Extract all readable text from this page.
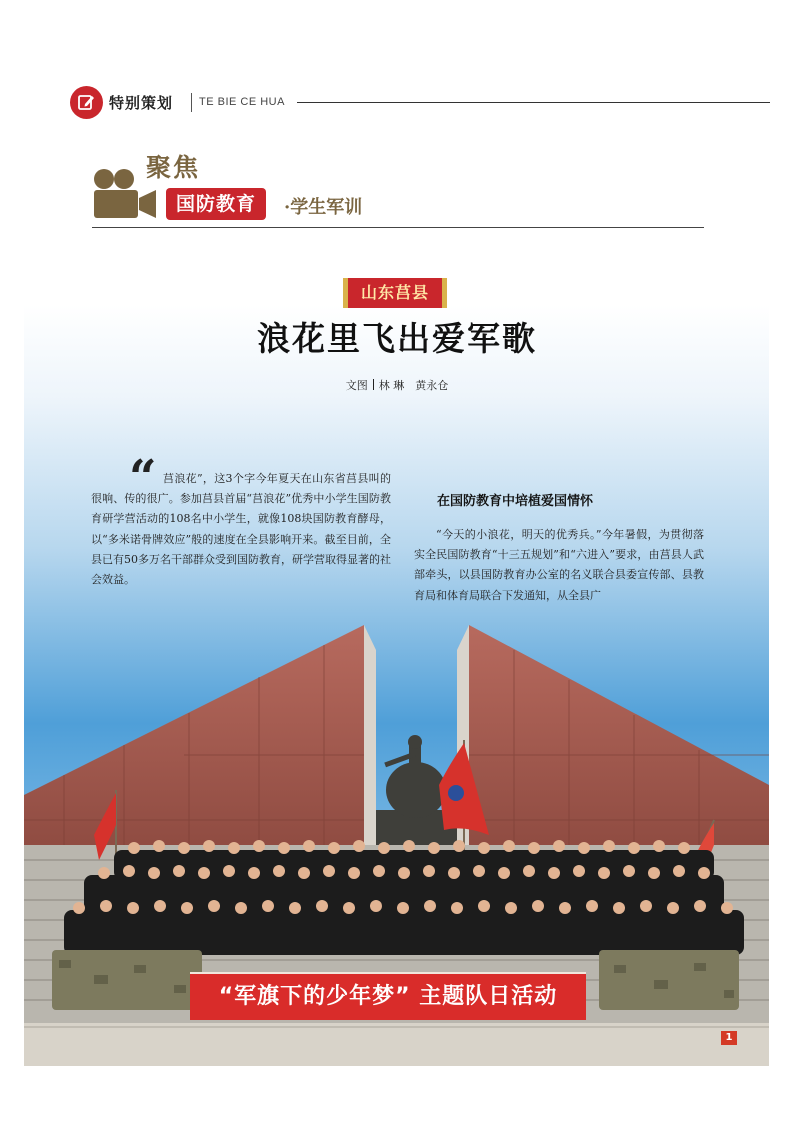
特别策划 TE BIE CE HUA
聚焦
国防教育	·学生军训
山东莒县
浪花里飞出爱军歌
文图 林 琳　黄永仓
“ 莒浪花”，这3个字今年夏天在山东省莒县叫的很响、传的很广。参加莒县首届“莒浪花”优秀中小学生国防教育研学营活动的108名中小学生，就像108块国防教育酵母，以“多米诺骨牌效应”般的速度在全县影响开来。截至目前，全县已有50多万名干部群众受到国防教育，研学营取得显著的社会效益。
在国防教育中培植爱国情怀
“今天的小浪花，明天的优秀兵。”今年暑假，为贯彻落实全民国防教育“十三五规划”和“六进入”要求，由莒县人武部牵头，以县国防教育办公室的名义联合县委宣传部、县教育局和体育局联合下发通知，从全县广
“军旗下的少年梦” 主题队日活动
1
